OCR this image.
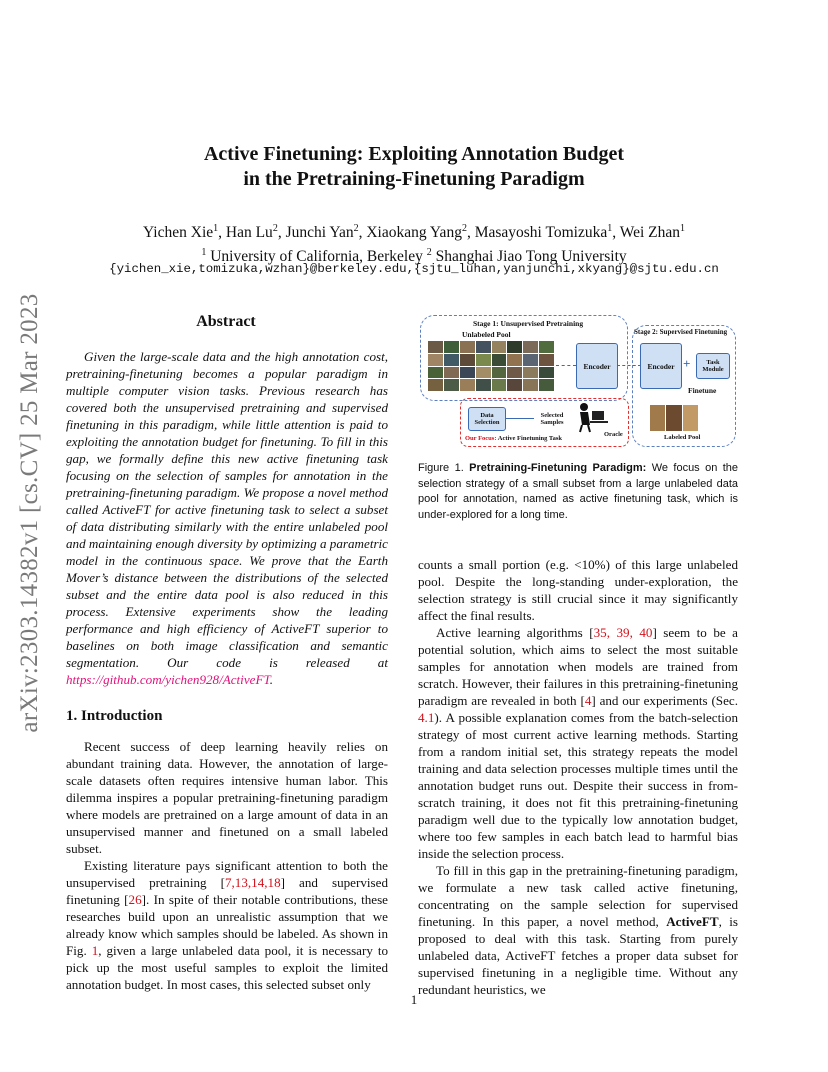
arXiv:2303.14382v1 [cs.CV] 25 Mar 2023
Active Finetuning: Exploiting Annotation Budget
in the Pretraining-Finetuning Paradigm
Yichen Xie$^1$, Han Lu$^2$, Junchi Yan$^2$, Xiaokang Yang$^2$, Masayoshi Tomizuka$^1$, Wei Zhan$^1$
$^1$ University of California, Berkeley $^2$ Shanghai Jiao Tong University
{yichen_xie,tomizuka,wzhan}@berkeley.edu,{sjtu_luhan,yanjunchi,xkyang}@sjtu.edu.cn
Abstract
Given the large-scale data and the high annotation cost, pretraining-finetuning becomes a popular paradigm in multiple computer vision tasks. Previous research has covered both the unsupervised pretraining and supervised finetuning in this paradigm, while little attention is paid to exploiting the annotation budget for finetuning. To fill in this gap, we formally define this new active finetuning task focusing on the selection of samples for annotation in the pretraining-finetuning paradigm. We propose a novel method called ActiveFT for active finetuning task to select a subset of data distributing similarly with the entire unlabeled pool and maintaining enough diversity by optimizing a parametric model in the continuous space. We prove that the Earth Mover’s distance between the distributions of the selected subset and the entire data pool is also reduced in this process. Extensive experiments show the leading performance and high efficiency of ActiveFT superior to baselines on both image classification and semantic segmentation. Our code is released at https://github.com/yichen928/ActiveFT.
1. Introduction

Recent success of deep learning heavily relies on abundant training data. However, the annotation of large-scale datasets often requires intensive human labor. This dilemma inspires a popular pretraining-finetuning paradigm where models are pretrained on a large amount of data in an unsupervised manner and finetuned on a small labeled subset.

Existing literature pays significant attention to both the unsupervised pretraining [7,13,14,18] and supervised finetuning [26]. In spite of their notable contributions, these researches build upon an unrealistic assumption that we already know which samples should be labeled. As shown in Fig. 1, given a large unlabeled data pool, it is necessary to pick up the most useful samples to exploit the limited annotation budget. In most cases, this selected subset only

Stage 1: Unsupervised Pretraining
Unlabeled Pool	Stage 2: Supervised Finetuning
Encoder	Encoder +	Task Module
Finetune
Data Selection
Selected Samples
Oracle
Our Focus: Active Finetuning Task	Labeled Pool
Figure 1. Pretraining-Finetuning Paradigm: We focus on the selection strategy of a small subset from a large unlabeled data pool for annotation, named as active finetuning task, which is under-explored for a long time.

counts a small portion (e.g. <10%) of this large unlabeled pool. Despite the long-standing under-exploration, the selection strategy is still crucial since it may significantly affect the final results.

Active learning algorithms [35, 39, 40] seem to be a potential solution, which aims to select the most suitable samples for annotation when models are trained from scratch. However, their failures in this pretraining-finetuning paradigm are revealed in both [4] and our experiments (Sec. 4.1). A possible explanation comes from the batch-selection strategy of most current active learning methods. Starting from a random initial set, this strategy repeats the model training and data selection processes multiple times until the annotation budget runs out. Despite their success in from-scratch training, it does not fit this pretraining-finetuning paradigm well due to the typically low annotation budget, where too few samples in each batch lead to harmful bias inside the selection process.

To fill in this gap in the pretraining-finetuning paradigm, we formulate a new task called active finetuning, concentrating on the sample selection for supervised finetuning. In this paper, a novel method, ActiveFT, is proposed to deal with this task. Starting from purely unlabeled data, ActiveFT fetches a proper data subset for supervised finetuning in a negligible time. Without any redundant heuristics, we

1
